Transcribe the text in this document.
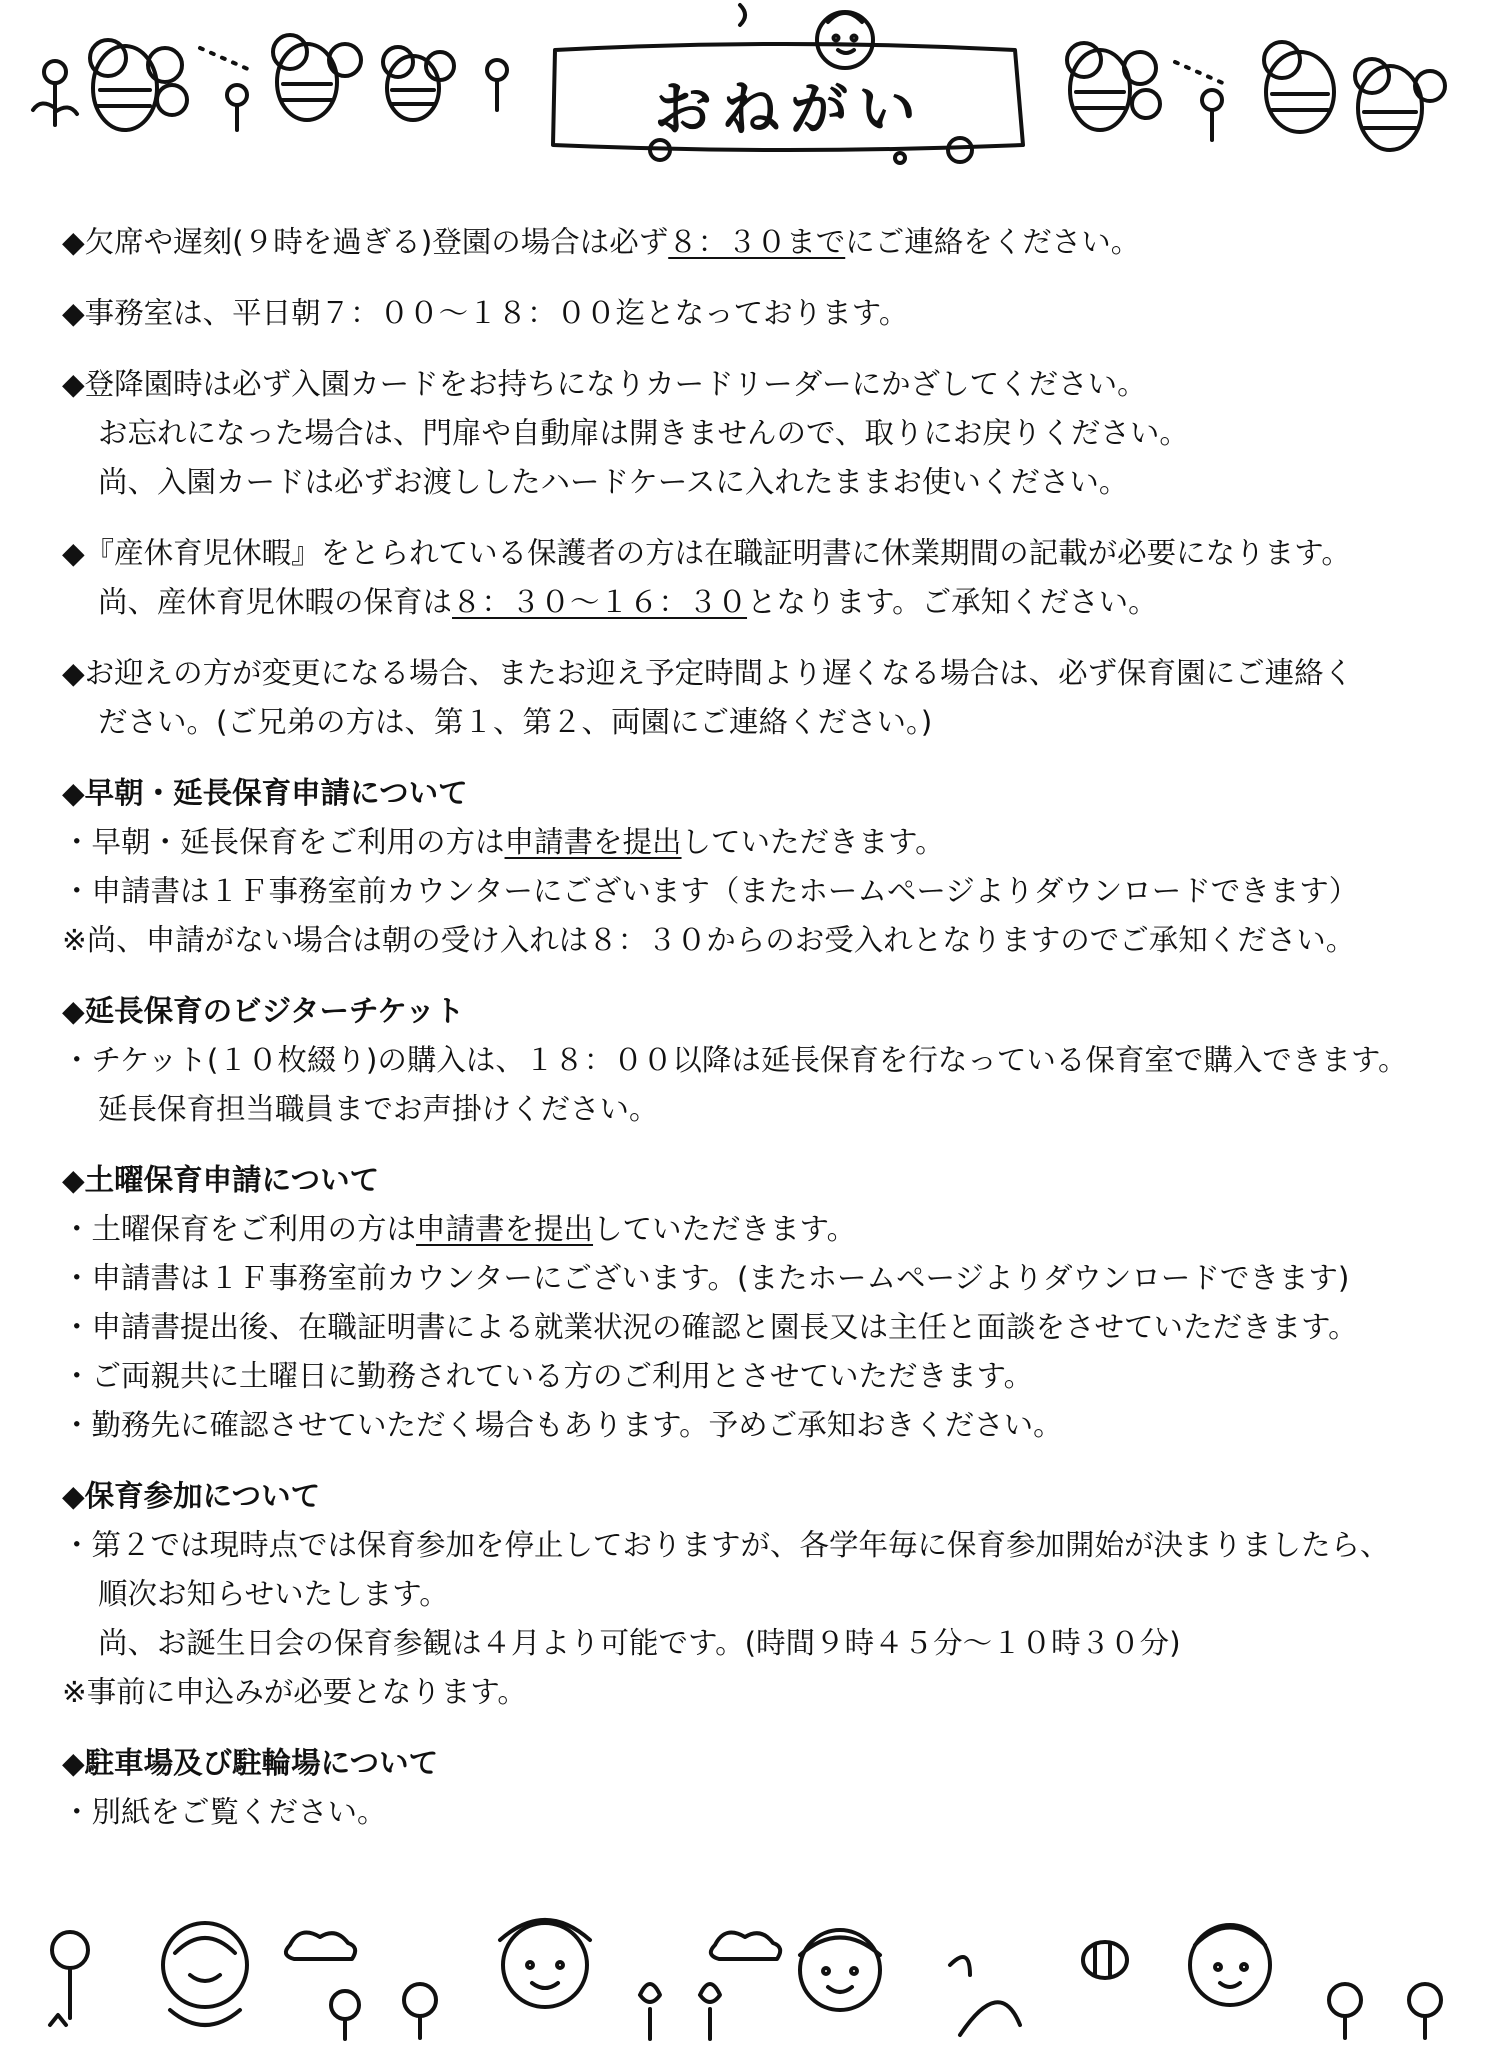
おねがい
◆欠席や遅刻(９時を過ぎる)登園の場合は必ず８：３０までにご連絡をください。
◆事務室は、平日朝７：００～１８：００迄となっております。
◆登降園時は必ず入園カードをお持ちになりカードリーダーにかざしてください。
お忘れになった場合は、門扉や自動扉は開きませんので、取りにお戻りください。
尚、入園カードは必ずお渡ししたハードケースに入れたままお使いください。
◆『産休育児休暇』をとられている保護者の方は在職証明書に休業期間の記載が必要になります。
尚、産休育児休暇の保育は８：３０～１６：３０となります。ご承知ください。
◆お迎えの方が変更になる場合、またお迎え予定時間より遅くなる場合は、必ず保育園にご連絡く
ださい。(ご兄弟の方は、第１、第２、両園にご連絡ください。)
◆早朝・延長保育申請について
・早朝・延長保育をご利用の方は申請書を提出していただきます。
・申請書は１Ｆ事務室前カウンターにございます（またホームページよりダウンロードできます）
※尚、申請がない場合は朝の受け入れは８：３０からのお受入れとなりますのでご承知ください。
◆延長保育のビジターチケット
・チケット(１０枚綴り)の購入は、１８：００以降は延長保育を行なっている保育室で購入できます。
延長保育担当職員までお声掛けください。
◆土曜保育申請について
・土曜保育をご利用の方は申請書を提出していただきます。
・申請書は１Ｆ事務室前カウンターにございます。(またホームページよりダウンロードできます)
・申請書提出後、在職証明書による就業状況の確認と園長又は主任と面談をさせていただきます。
・ご両親共に土曜日に勤務されている方のご利用とさせていただきます。
・勤務先に確認させていただく場合もあります。予めご承知おきください。
◆保育参加について
・第２では現時点では保育参加を停止しておりますが、各学年毎に保育参加開始が決まりましたら、
順次お知らせいたします。
尚、お誕生日会の保育参観は４月より可能です。(時間９時４５分～１０時３０分)
※事前に申込みが必要となります。
◆駐車場及び駐輪場について
・別紙をご覧ください。
